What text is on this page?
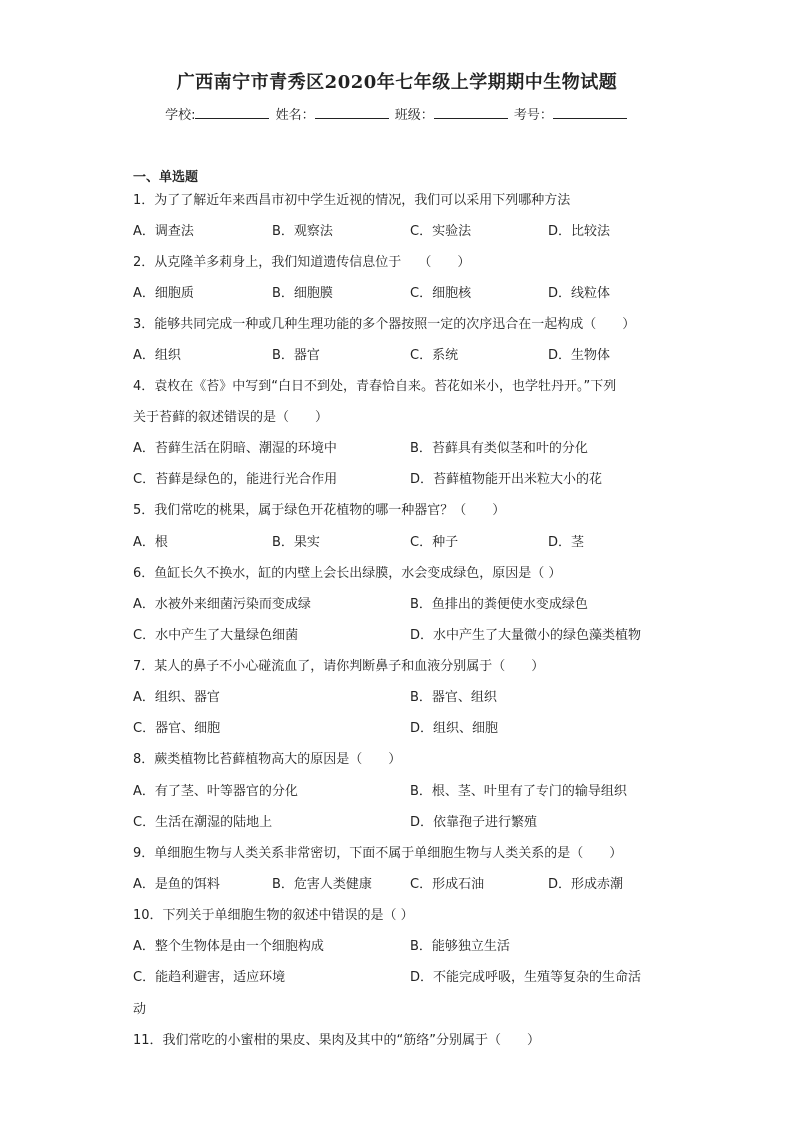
广西南宁市青秀区2020年七年级上学期期中生物试题
学校:	姓名：	班级：	考号：
一、单选题
1．为了了解近年来西昌市初中学生近视的情况，我们可以采用下列哪种方法
A．调查法	B．观察法	C．实验法	D．比较法
2．从克隆羊多莉身上，我们知道遗传信息位于　 （　　）
A．细胞质	B．细胞膜	C．细胞核	D．线粒体
3．能够共同完成一种或几种生理功能的多个器按照一定的次序迅合在一起构成（　　）
A．组织	B．器官	C．系统	D．生物体
4．袁枚在《苔》中写到“白日不到处，青春恰自来。苔花如米小，也学牡丹开。”下列
关于苔藓的叙述错误的是（　　）
A．苔藓生活在阴暗、潮湿的环境中	B．苔藓具有类似茎和叶的分化
C．苔藓是绿色的，能进行光合作用	D．苔藓植物能开出米粒大小的花
5．我们常吃的桃果，属于绿色开花植物的哪一种器官？（　　）
A．根	B．果实	C．种子	D．茎
6．鱼缸长久不换水，缸的内壁上会长出绿膜，水会变成绿色，原因是（ ）
A．水被外来细菌污染而变成绿	B．鱼排出的粪便使水变成绿色
C．水中产生了大量绿色细菌	D．水中产生了大量微小的绿色藻类植物
7．某人的鼻子不小心碰流血了，请你判断鼻子和血液分别属于（　　）
A．组织、器官	B．器官、组织
C．器官、细胞	D．组织、细胞
8．蕨类植物比苔藓植物高大的原因是（　　）
A．有了茎、叶等器官的分化	B．根、茎、叶里有了专门的输导组织
C．生活在潮湿的陆地上	D．依靠孢子进行繁殖
9．单细胞生物与人类关系非常密切，下面不属于单细胞生物与人类关系的是（　　）
A．是鱼的饵料	B．危害人类健康	C．形成石油	D．形成赤潮
10．下列关于单细胞生物的叙述中错误的是（ ）
A．整个生物体是由一个细胞构成	B．能够独立生活
C．能趋利避害，适应环境	D．不能完成呼吸，生殖等复杂的生命活
动
11．我们常吃的小蜜柑的果皮、果肉及其中的“筋络”分别属于（　　）
